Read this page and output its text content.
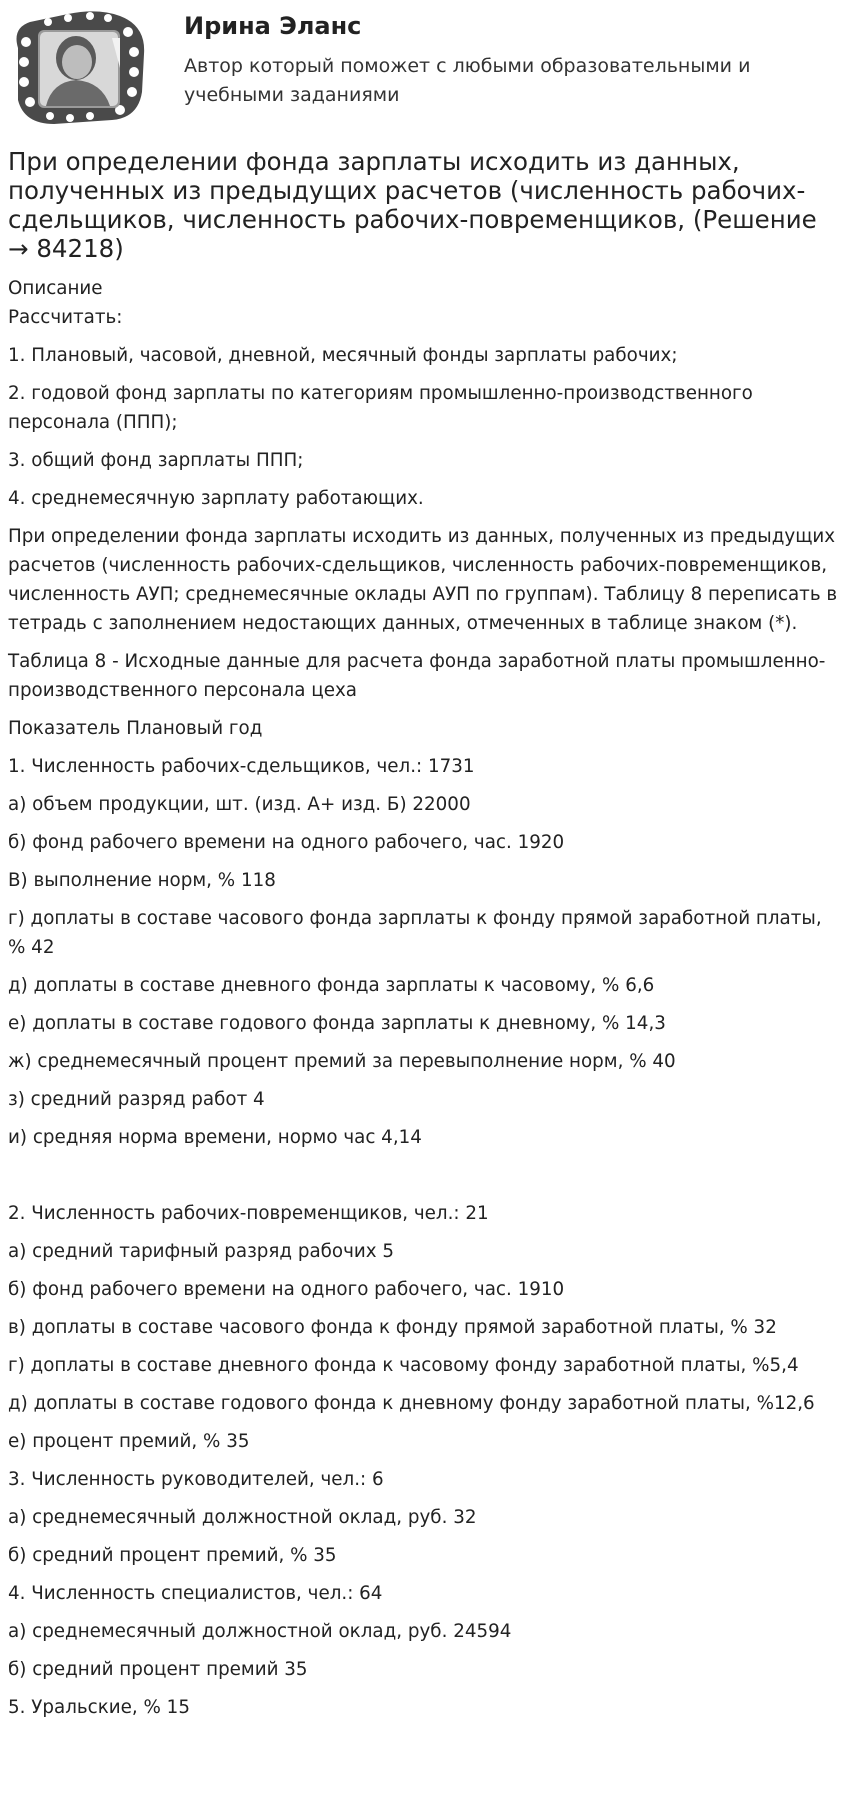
Ирина Эланс
Автор который поможет с любыми образовательными и учебными заданиями
При определении фонда зарплаты исходить из данных, полученных из предыдущих расчетов (численность рабочих-сдельщиков, численность рабочих-повременщиков, (Решение → 84218)
Описание
Рассчитать:
1. Плановый, часовой, дневной, месячный фонды зарплаты рабочих;
2. годовой фонд зарплаты по категориям промышленно-производственного персонала (ППП);
3. общий фонд зарплаты ППП;
4. среднемесячную зарплату работающих.
При определении фонда зарплаты исходить из данных, полученных из предыдущих расчетов (численность рабочих-сдельщиков, численность рабочих-повременщиков, численность АУП; среднемесячные оклады АУП по группам). Таблицу 8 переписать в тетрадь с заполнением недостающих данных, отмеченных в таблице знаком (*).
Таблица 8 - Исходные данные для расчета фонда заработной платы промышленно-производственного персонала цеха
Показатель Плановый год
1. Численность рабочих-сдельщиков, чел.: 1731
а) объем продукции, шт. (изд. А+ изд. Б) 22000
б) фонд рабочего времени на одного рабочего, час. 1920
В) выполнение норм, % 118
г) доплаты в составе часового фонда зарплаты к фонду прямой заработной платы, % 42
д) доплаты в составе дневного фонда зарплаты к часовому, % 6,6
е) доплаты в составе годового фонда зарплаты к дневному, % 14,3
ж) среднемесячный процент премий за перевыполнение норм, % 40
з) средний разряд работ 4
и) средняя норма времени, нормо час 4,14
2. Численность рабочих-повременщиков, чел.: 21
а) средний тарифный разряд рабочих 5
б) фонд рабочего времени на одного рабочего, час. 1910
в) доплаты в составе часового фонда к фонду прямой заработной платы, % 32
г) доплаты в составе дневного фонда к часовому фонду заработной платы, %5,4
д) доплаты в составе годового фонда к дневному фонду заработной платы, %12,6
е) процент премий, % 35
3. Численность руководителей, чел.: 6
а) среднемесячный должностной оклад, руб. 32
б) средний процент премий, % 35
4. Численность специалистов, чел.: 64
а) среднемесячный должностной оклад, руб. 24594
б) средний процент премий 35
5. Уральские, % 15
